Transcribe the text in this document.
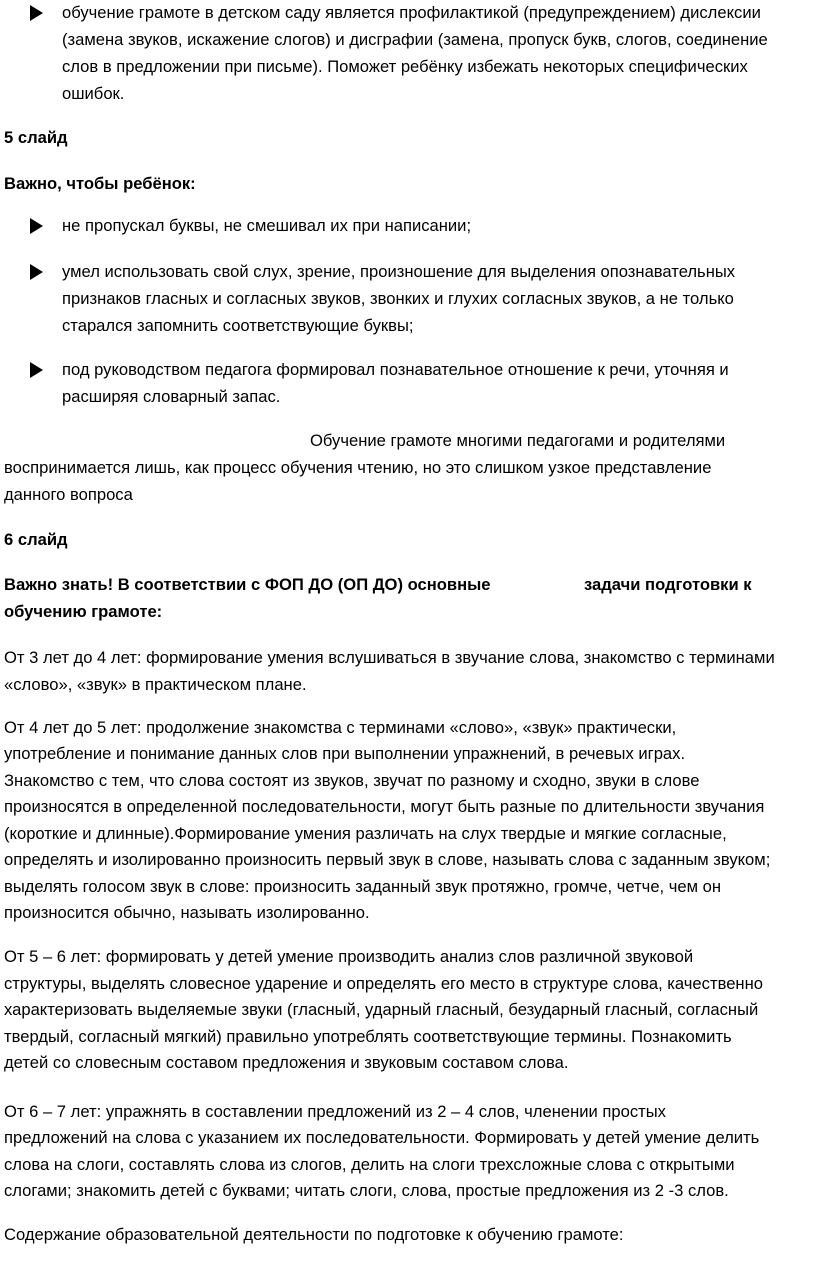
обучение грамоте в детском саду является профилактикой (предупреждением) дислексии
(замена звуков, искажение слогов) и дисграфии (замена, пропуск букв, слогов, соединение
слов в предложении при письме). Поможет ребёнку избежать некоторых специфических
ошибок.
5 слайд
Важно, чтобы ребёнок:
не пропускал буквы, не смешивал их при написании;
умел использовать свой слух, зрение, произношение для выделения опознавательных
признаков гласных и согласных звуков, звонких и глухих согласных звуков, а не только
старался запомнить соответствующие буквы;
под руководством педагога формировал познавательное отношение к речи, уточняя и
расширяя словарный запас.
Обучение грамоте многими педагогами и родителями
воспринимается лишь, как процесс обучения чтению, но это слишком узкое представление
данного вопроса
6 слайд
Важно знать! В соответствии с ФОП ДО (ОП ДО) основные	задачи подготовки к
обучению грамоте:
От 3 лет до 4 лет: формирование умения вслушиваться в звучание слова, знакомство с терминами
«слово», «звук» в практическом плане.
От 4 лет до 5 лет: продолжение знакомства с терминами «слово», «звук» практически,
употребление и понимание данных слов при выполнении упражнений, в речевых играх.
Знакомство с тем, что слова состоят из звуков, звучат по разному и сходно, звуки в слове
произносятся в определенной последовательности, могут быть разные по длительности звучания
(короткие и длинные).Формирование умения различать на слух твердые и мягкие согласные,
определять и изолированно произносить первый звук в слове, называть слова с заданным звуком;
выделять голосом звук в слове: произносить заданный звук протяжно, громче, четче, чем он
произносится обычно, называть изолированно.
От 5 – 6 лет: формировать у детей умение производить анализ слов различной звуковой
структуры, выделять словесное ударение и определять его место в структуре слова, качественно
характеризовать выделяемые звуки (гласный, ударный гласный, безударный гласный, согласный
твердый, согласный мягкий) правильно употреблять соответствующие термины. Познакомить
детей со словесным составом предложения и звуковым составом слова.
От 6 – 7 лет: упражнять в составлении предложений из 2 – 4 слов, членении простых
предложений на слова с указанием их последовательности. Формировать у детей умение делить
слова на слоги, составлять слова из слогов, делить на слоги трехсложные слова с открытыми
слогами; знакомить детей с буквами; читать слоги, слова, простые предложения из 2 -3 слов.
Содержание образовательной деятельности по подготовке к обучению грамоте:
